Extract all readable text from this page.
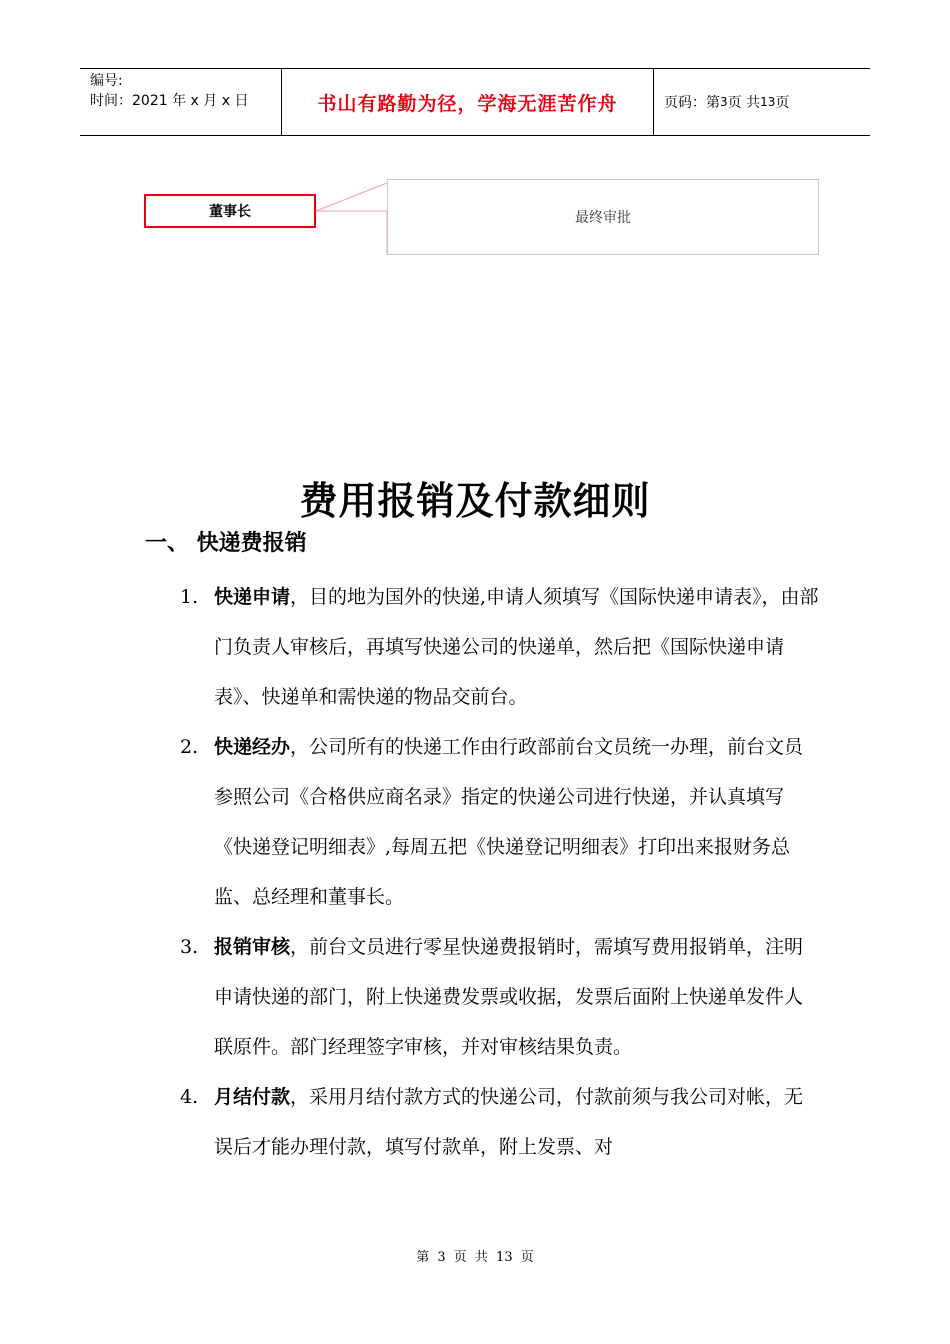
编号:
时间：2021 年 x 月 x 日	书山有路勤为径，学海无涯苦作舟	页码：第 3 页 共 13 页
董事长	最终审批
费用报销及付款细则
一、 快递费报销
1. 快递申请，目的地为国外的快递,申请人须填写《国际快递申请表》，由部门负责人审核后，再填写快递公司的快递单，然后把《国际快递申请表》、快递单和需快递的物品交前台。
2. 快递经办，公司所有的快递工作由行政部前台文员统一办理，前台文员参照公司《合格供应商名录》指定的快递公司进行快递，并认真填写《快递登记明细表》,每周五把《快递登记明细表》打印出来报财务总监、总经理和董事长。
3. 报销审核，前台文员进行零星快递费报销时，需填写费用报销单，注明申请快递的部门，附上快递费发票或收据，发票后面附上快递单发件人联原件。部门经理签字审核，并对审核结果负责。
4. 月结付款，采用月结付款方式的快递公司，付款前须与我公司对帐，无误后才能办理付款，填写付款单，附上发票、对
第 3 页 共 13 页
